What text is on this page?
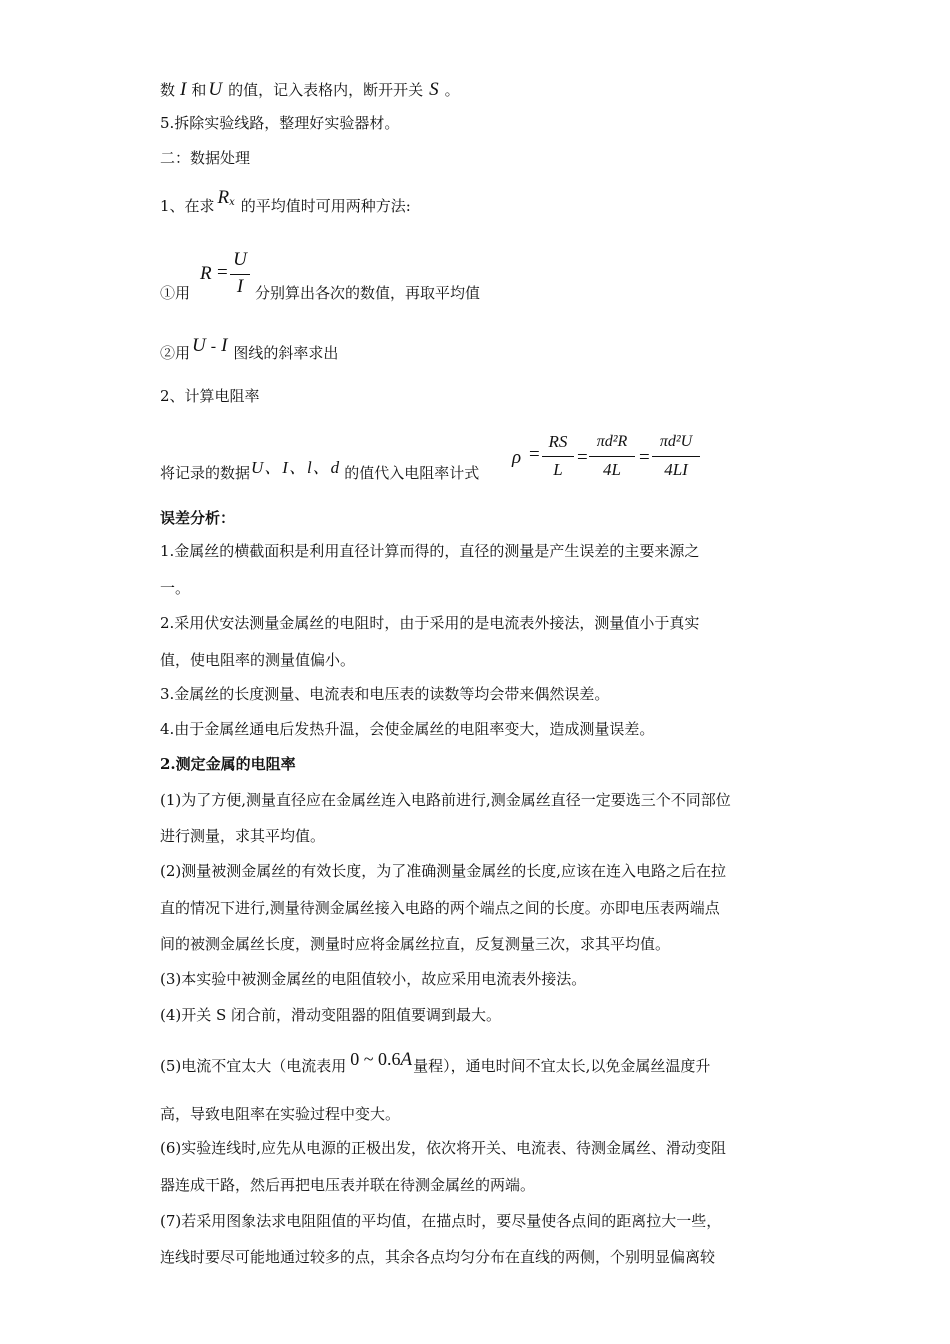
数 I 和 U 的值，记入表格内，断开开关 S 。
5.拆除实验线路，整理好实验器材。
二：数据处理
1、在求 $R^x$ 的平均值时可用两种方法:
①用
R =
U
I 分别算出各次的数值，再取平均值
②用 U - I 图线的斜率求出
2、计算电阻率
将记录的数据U、I、l、d 的值代入电阻率计式
ρ =
RS
L
=
πd²R
4L
=
πd²U
4LI
误差分析：
1.金属丝的横截面积是利用直径计算而得的，直径的测量是产生误差的主要来源之
一。
2.采用伏安法测量金属丝的电阻时，由于采用的是电流表外接法，测量值小于真实
值，使电阻率的测量值偏小。
3.金属丝的长度测量、电流表和电压表的读数等均会带来偶然误差。
4.由于金属丝通电后发热升温，会使金属丝的电阻率变大，造成测量误差。
2.测定金属的电阻率
(1)为了方便,测量直径应在金属丝连入电路前进行,测金属丝直径一定要选三个不同部位
进行测量，求其平均值。
(2)测量被测金属丝的有效长度，为了准确测量金属丝的长度,应该在连入电路之后在拉
直的情况下进行,测量待测金属丝接入电路的两个端点之间的长度。亦即电压表两端点
间的被测金属丝长度，测量时应将金属丝拉直，反复测量三次，求其平均值。
(3)本实验中被测金属丝的电阻值较小，故应采用电流表外接法。
(4)开关 S 闭合前，滑动变阻器的阻值要调到最大。
(5)电流不宜太大（电流表用 0 ~ 0.6A量程），通电时间不宜太长,以免金属丝温度升
高，导致电阻率在实验过程中变大。
(6)实验连线时,应先从电源的正极出发，依次将开关、电流表、待测金属丝、滑动变阻
器连成干路，然后再把电压表并联在待测金属丝的两端。
(7)若采用图象法求电阻阻值的平均值，在描点时，要尽量使各点间的距离拉大一些，
连线时要尽可能地通过较多的点，其余各点均匀分布在直线的两侧，个别明显偏离较
